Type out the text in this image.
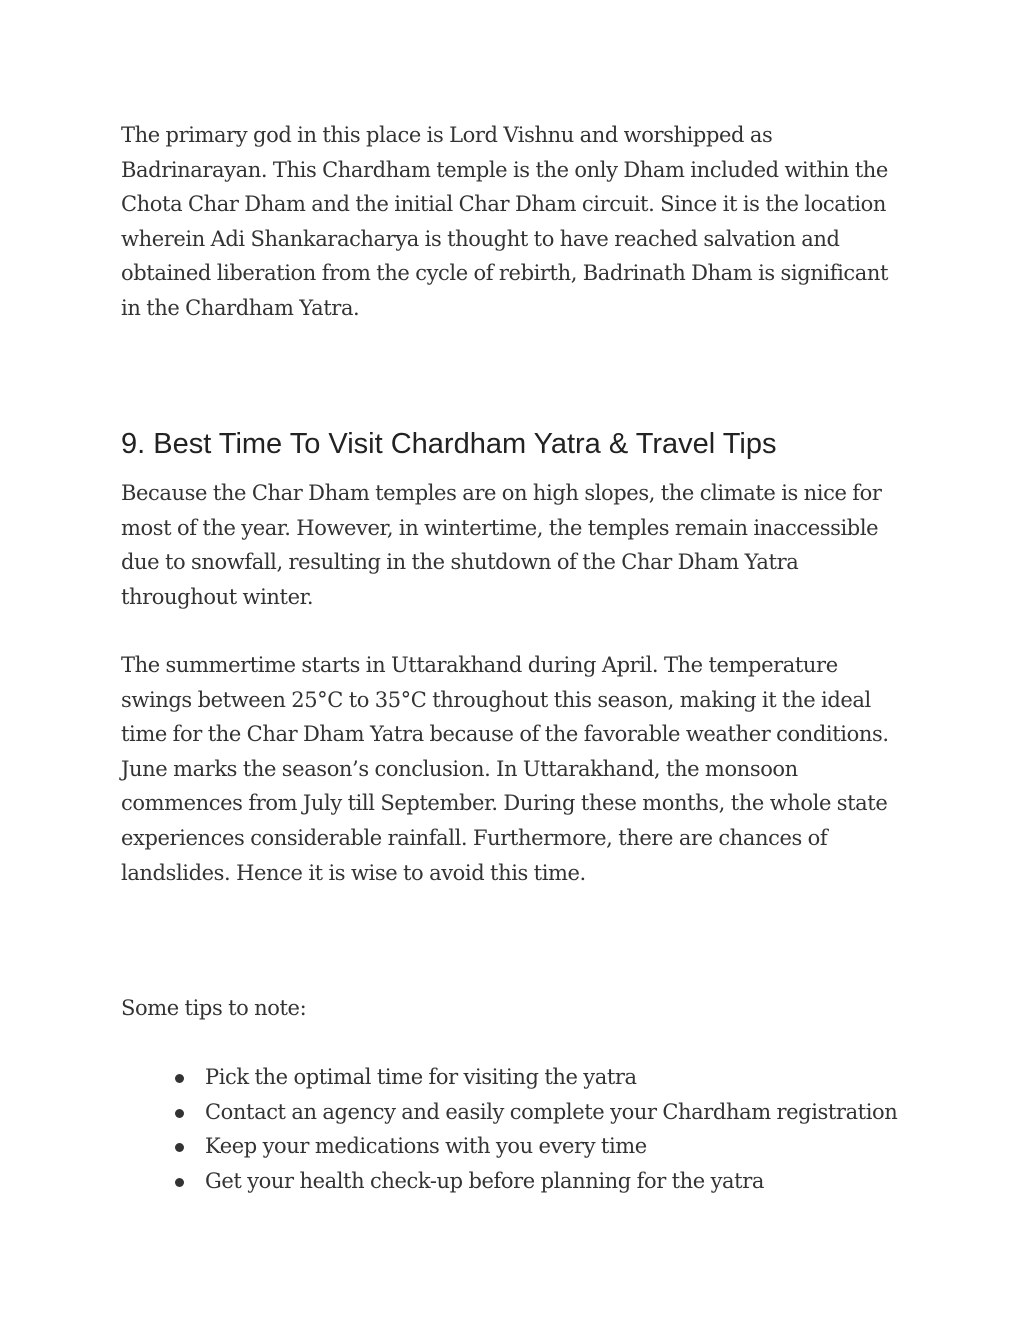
The primary god in this place is Lord Vishnu and worshipped as Badrinarayan. This Chardham temple is the only Dham included within the Chota Char Dham and the initial Char Dham circuit. Since it is the location wherein Adi Shankaracharya is thought to have reached salvation and obtained liberation from the cycle of rebirth, Badrinath Dham is significant in the Chardham Yatra.

9. Best Time To Visit Chardham Yatra & Travel Tips

Because the Char Dham temples are on high slopes, the climate is nice for most of the year. However, in wintertime, the temples remain inaccessible due to snowfall, resulting in the shutdown of the Char Dham Yatra throughout winter.

The summertime starts in Uttarakhand during April. The temperature swings between 25°C to 35°C throughout this season, making it the ideal time for the Char Dham Yatra because of the favorable weather conditions. June marks the season’s conclusion. In Uttarakhand, the monsoon commences from July till September. During these months, the whole state experiences considerable rainfall. Furthermore, there are chances of landslides. Hence it is wise to avoid this time.

Some tips to note:

Pick the optimal time for visiting the yatra
Contact an agency and easily complete your Chardham registration
Keep your medications with you every time
Get your health check-up before planning for the yatra
